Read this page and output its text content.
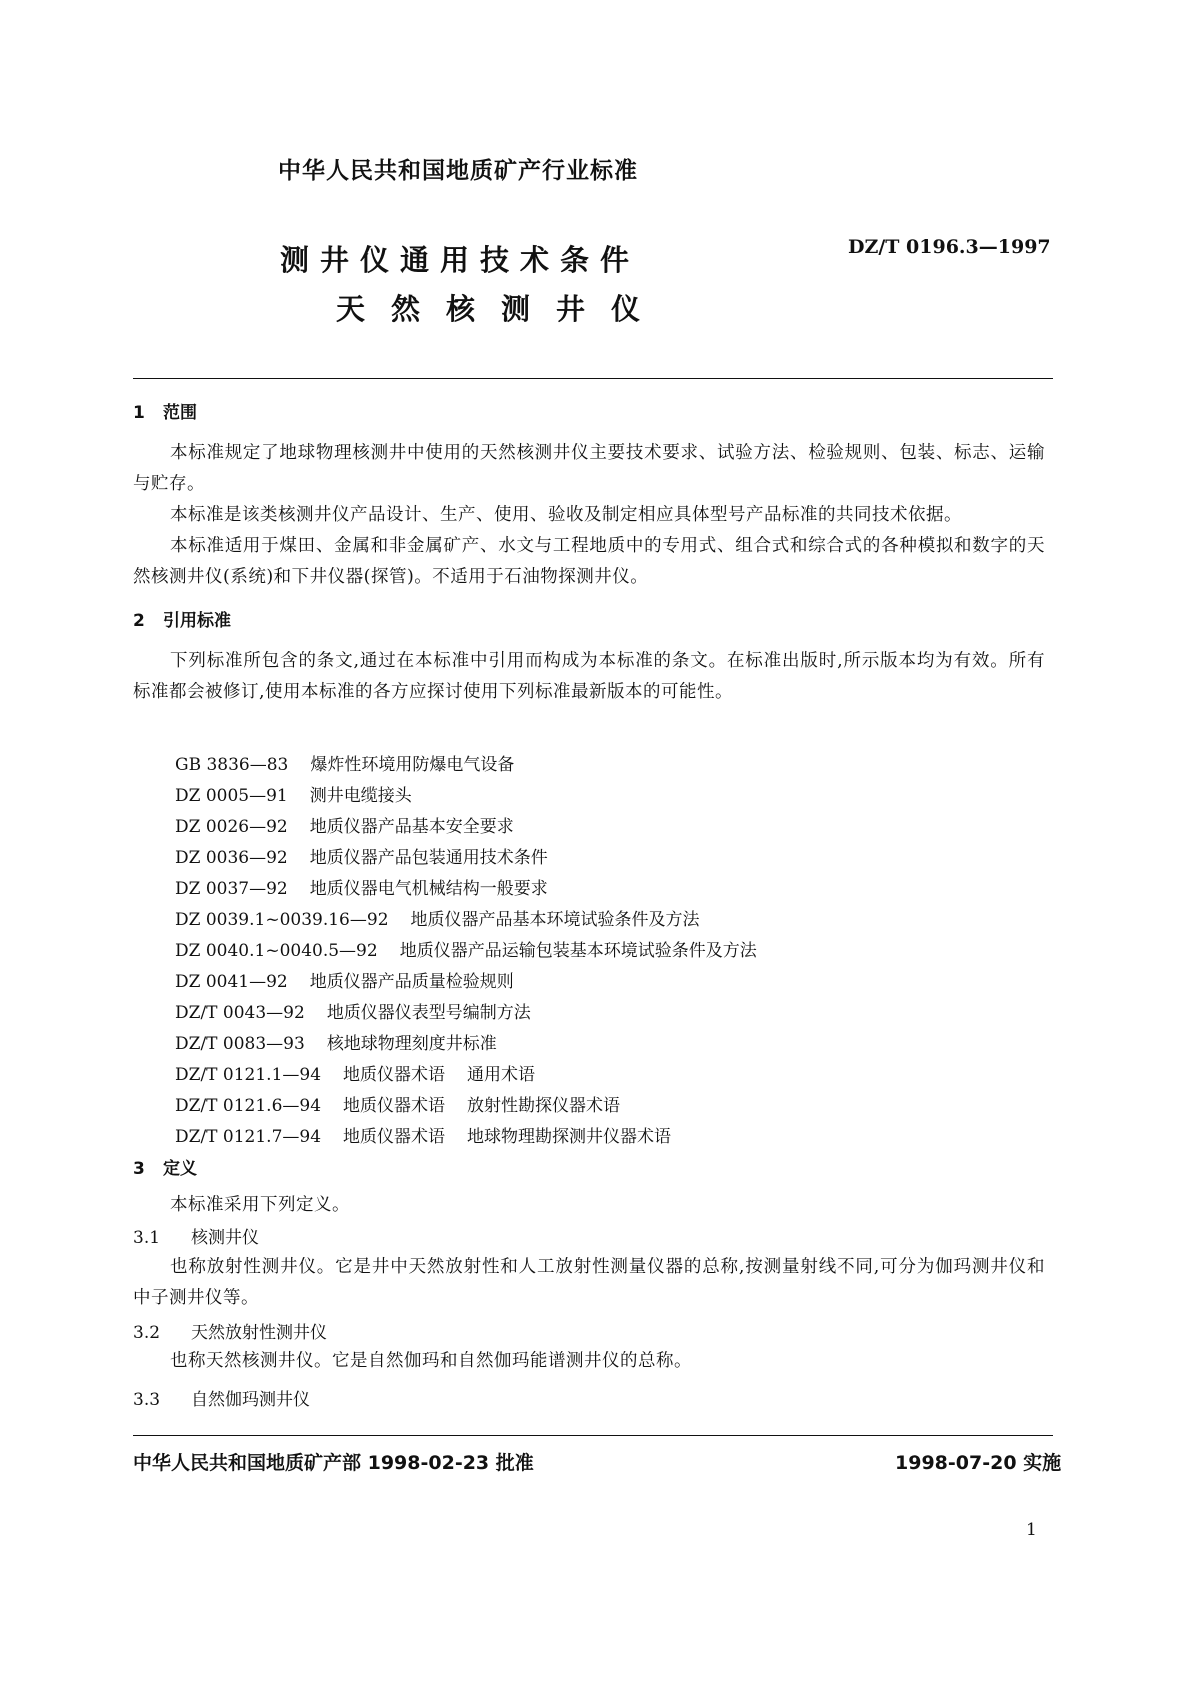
中华人民共和国地质矿产行业标准
测井仪通用技术条件
天然核测井仪
DZ/T 0196.3—1997
1 范围
本标准规定了地球物理核测井中使用的天然核测井仪主要技术要求、试验方法、检验规则、包装、标志、运输与贮存。
本标准是该类核测井仪产品设计、生产、使用、验收及制定相应具体型号产品标准的共同技术依据。
本标准适用于煤田、金属和非金属矿产、水文与工程地质中的专用式、组合式和综合式的各种模拟和数字的天然核测井仪(系统)和下井仪器(探管)。不适用于石油物探测井仪。
2 引用标准
下列标准所包含的条文,通过在本标准中引用而构成为本标准的条文。在标准出版时,所示版本均为有效。所有标准都会被修订,使用本标准的各方应探讨使用下列标准最新版本的可能性。
GB 3836—83 爆炸性环境用防爆电气设备
DZ 0005—91 测井电缆接头
DZ 0026—92 地质仪器产品基本安全要求
DZ 0036—92 地质仪器产品包装通用技术条件
DZ 0037—92 地质仪器电气机械结构一般要求
DZ 0039.1~0039.16—92 地质仪器产品基本环境试验条件及方法
DZ 0040.1~0040.5—92 地质仪器产品运输包装基本环境试验条件及方法
DZ 0041—92 地质仪器产品质量检验规则
DZ/T 0043—92 地质仪器仪表型号编制方法
DZ/T 0083—93 核地球物理刻度井标准
DZ/T 0121.1—94 地质仪器术语 通用术语
DZ/T 0121.6—94 地质仪器术语 放射性勘探仪器术语
DZ/T 0121.7—94 地质仪器术语 地球物理勘探测井仪器术语
3 定义
本标准采用下列定义。
3.1 核测井仪
也称放射性测井仪。它是井中天然放射性和人工放射性测量仪器的总称,按测量射线不同,可分为伽玛测井仪和中子测井仪等。
3.2 天然放射性测井仪
也称天然核测井仪。它是自然伽玛和自然伽玛能谱测井仪的总称。
3.3 自然伽玛测井仪
中华人民共和国地质矿产部 1998-02-23 批准	1998-07-20 实施
1
